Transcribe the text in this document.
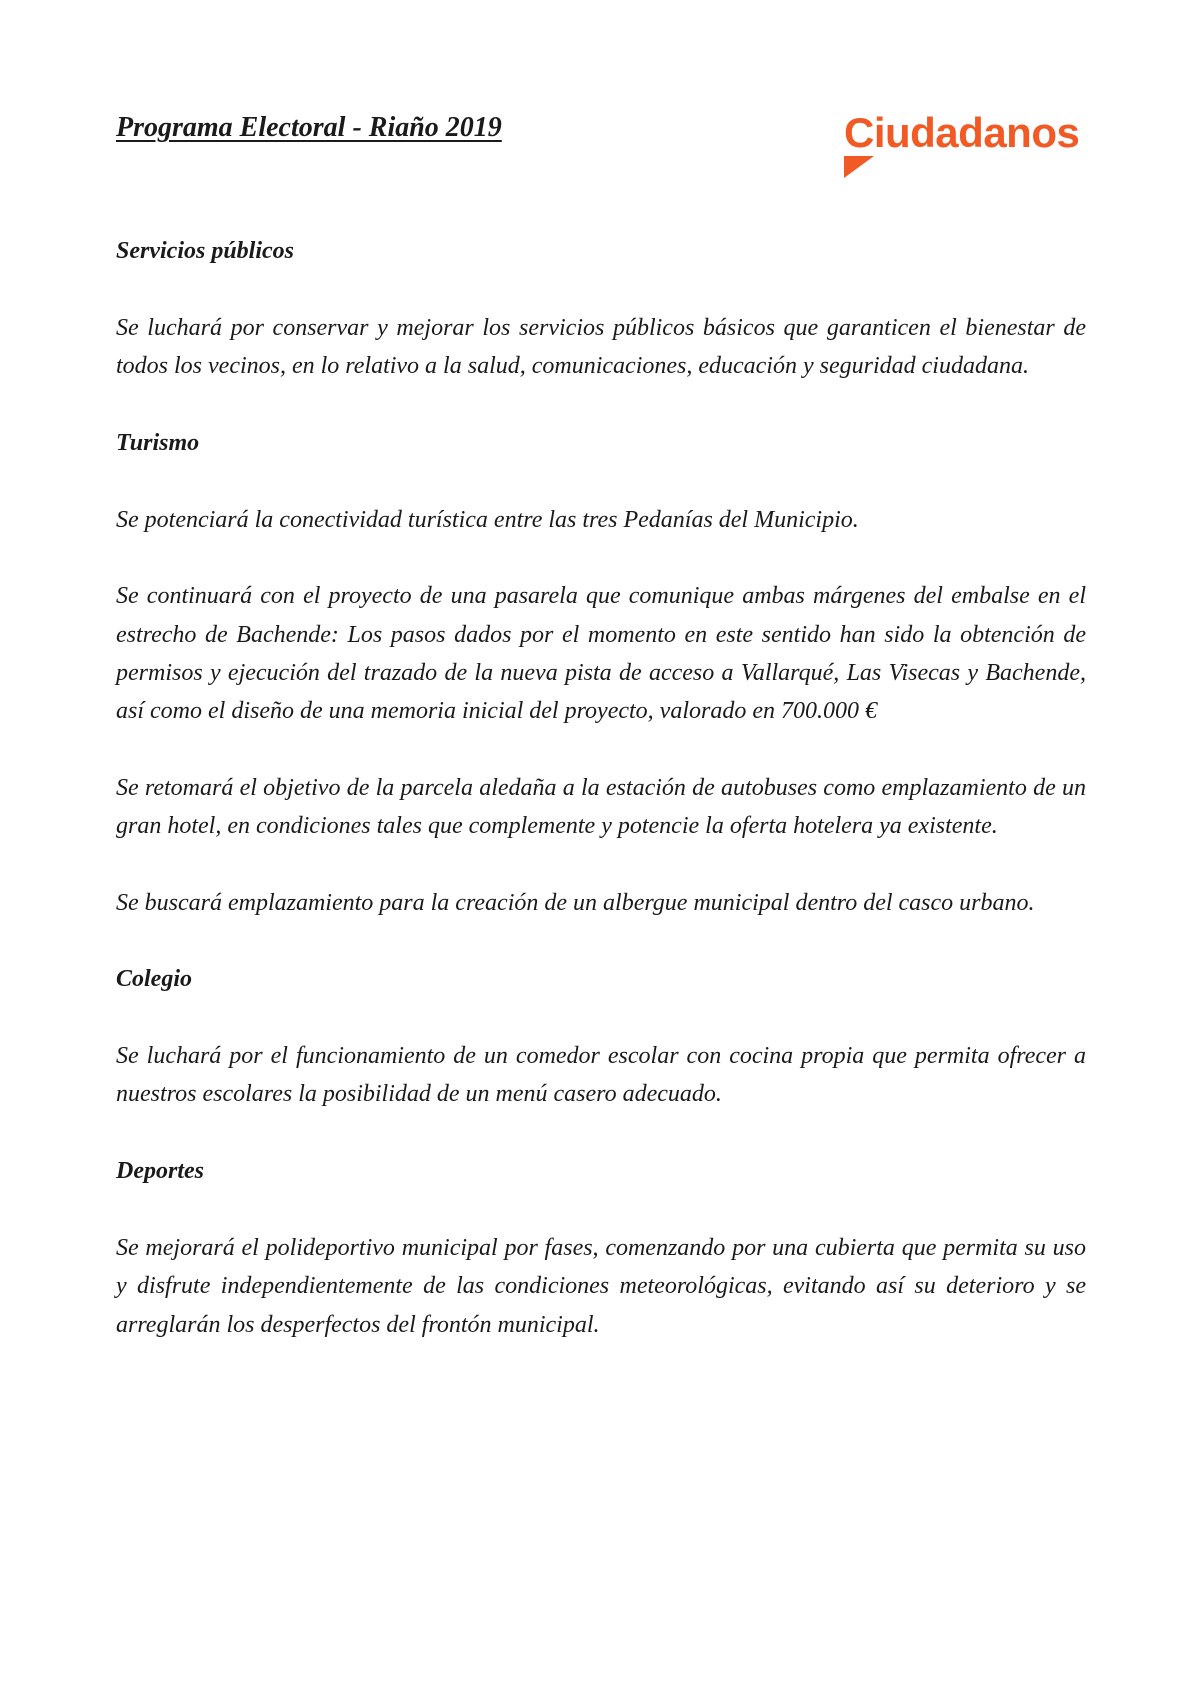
Programa Electoral - Riaño 2019	Ciudadanos
Servicios públicos

Se luchará por conservar y mejorar los servicios públicos básicos que garanticen el bienestar de todos los vecinos, en lo relativo a la salud, comunicaciones, educación y seguridad ciudadana.

Turismo

Se potenciará la conectividad turística entre las tres Pedanías del Municipio.

Se continuará con el proyecto de una pasarela que comunique ambas márgenes del embalse en el estrecho de Bachende: Los pasos dados por el momento en este sentido han sido la obtención de permisos y ejecución del trazado de la nueva pista de acceso a Vallarqué, Las Visecas y Bachende, así como el diseño de una memoria inicial del proyecto, valorado en 700.000 €

Se retomará el objetivo de la parcela aledaña a la estación de autobuses como emplazamiento de un gran hotel, en condiciones tales que complemente y potencie la oferta hotelera ya existente.

Se buscará emplazamiento para la creación de un albergue municipal dentro del casco urbano.

Colegio

Se luchará por el funcionamiento de un comedor escolar con cocina propia que permita ofrecer a nuestros escolares la posibilidad de un menú casero adecuado.

Deportes

Se mejorará el polideportivo municipal por fases, comenzando por una cubierta que permita su uso y disfrute independientemente de las condiciones meteorológicas, evitando así su deterioro y se arreglarán los desperfectos del frontón municipal.
